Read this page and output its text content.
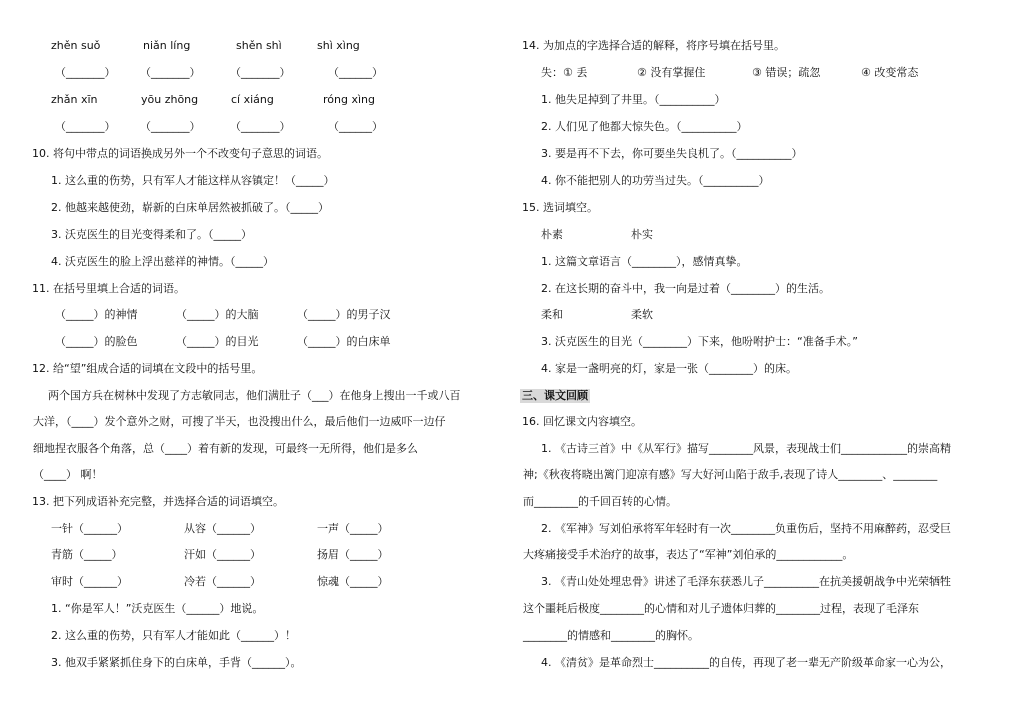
zhěn suǒ	niǎn líng	shěn shì	shì xìng
（_______） （_______）	（_______）	（______）
zhǎn xīn	yōu zhōng	cí xiáng	róng xìng
（_______） （_______）	（_______）	（______）
10. 将句中带点的词语换成另外一个不改变句子意思的词语。
1. 这么重的伤势，只有军人才能这样从容镇定！（_____）
2. 他越来越使劲，崭新的白床单居然被抓破了。（_____）
3. 沃克医生的目光变得柔和了。（_____）
4. 沃克医生的脸上浮出慈祥的神情。（_____）
11. 在括号里填上合适的词语。
（_____）的神情	（_____）的大脑	（_____）的男子汉
（_____）的脸色	（_____）的目光	（_____）的白床单
12. 给“望”组成合适的词填在文段中的括号里。
两个国方兵在树林中发现了方志敏同志，他们满肚子（___）在他身上搜出一千或八百
大洋，（____）发个意外之财，可搜了半天，也没搜出什么，最后他们一边威吓一边仔
细地捏衣服各个角落，总（____）着有新的发现，可最终一无所得，他们是多么
（____） 啊！
13. 把下列成语补充完整，并选择合适的词语填空。
一针（______）	从容（______）	一声（_____）
青筋（_____）	汗如（______）	扬眉（_____）
审时（______）	冷若（______）	惊魂（_____）
1. “你是军人！”沃克医生（______）地说。
2. 这么重的伤势，只有军人才能如此（______）！
3. 他双手紧紧抓住身下的白床单，手背（______）。
14. 为加点的字选择合适的解释，将序号填在括号里。
失：① 丢	② 没有掌握住	③ 错误；疏忽	④ 改变常态
1. 他失足掉到了井里。（__________）
2. 人们见了他都大惊失色。（__________）
3. 要是再不下去，你可要坐失良机了。（__________）
4. 你不能把别人的功劳当过失。（__________）
15. 选词填空。
朴素	朴实
1. 这篇文章语言（________），感情真挚。
2. 在这长期的奋斗中，我一向是过着（________）的生活。
柔和	柔软
3. 沃克医生的目光（________）下来，他吩咐护士：“准备手术。”
4. 家是一盏明亮的灯，家是一张（________）的床。
三、课文回顾
16. 回忆课文内容填空。
1. 《古诗三首》中《从军行》描写________风景，表现战士们____________的崇高精
神;《秋夜将晓出篱门迎凉有感》写大好河山陷于敌手,表现了诗人________、________
而________的千回百转的心情。
2. 《军神》写刘伯承将军年轻时有一次________负重伤后，坚持不用麻醉药，忍受巨
大疼痛接受手术治疗的故事，表达了“军神”刘伯承的____________。
3. 《青山处处埋忠骨》讲述了毛泽东获悉儿子__________在抗美援朝战争中光荣牺牲
这个噩耗后极度________的心情和对儿子遗体归葬的________过程，表现了毛泽东
________的情感和________的胸怀。
4. 《清贫》是革命烈士__________的自传，再现了老一辈无产阶级革命家一心为公，
